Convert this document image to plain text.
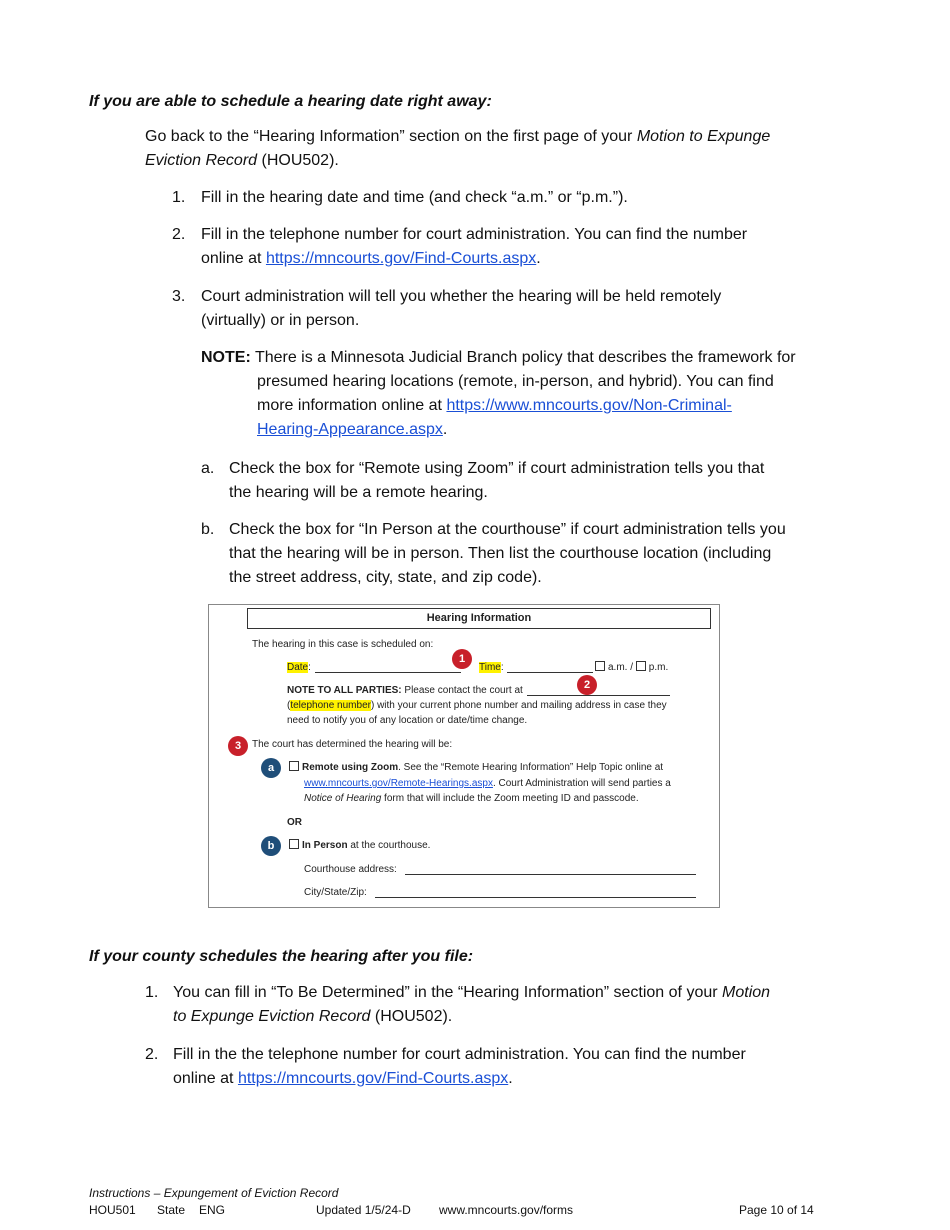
If you are able to schedule a hearing date right away:
Go back to the “Hearing Information” section on the first page of your Motion to Expunge
Eviction Record (HOU502).
1. Fill in the hearing date and time (and check “a.m.” or “p.m.”).
2. Fill in the telephone number for court administration. You can find the number
online at https://mncourts.gov/Find-Courts.aspx.
3. Court administration will tell you whether the hearing will be held remotely
(virtually) or in person.
NOTE: There is a Minnesota Judicial Branch policy that describes the framework for
presumed hearing locations (remote, in-person, and hybrid). You can find
more information online at https://www.mncourts.gov/Non-Criminal-
Hearing-Appearance.aspx.
a. Check the box for “Remote using Zoom” if court administration tells you that
the hearing will be a remote hearing.
b. Check the box for “In Person at the courthouse” if court administration tells you
that the hearing will be in person. Then list the courthouse location (including
the street address, city, state, and zip code).
Hearing Information
The hearing in this case is scheduled on:
Date:
1
Time:	a.m. / p.m.
NOTE TO ALL PARTIES: Please contact the court at	2
(telephone number) with your current phone number and mailing address in case they
need to notify you of any location or date/time change.
3	The court has determined the hearing will be:
a	Remote using Zoom. See the “Remote Hearing Information” Help Topic online at
www.mncourts.gov/Remote-Hearings.aspx. Court Administration will send parties a
Notice of Hearing form that will include the Zoom meeting ID and passcode.
OR
b	In Person at the courthouse.
Courthouse address:
City/State/Zip:
If your county schedules the hearing after you file:
1. You can fill in “To Be Determined” in the “Hearing Information” section of your Motion
to Expunge Eviction Record (HOU502).
2. Fill in the the telephone number for court administration. You can find the number
online at https://mncourts.gov/Find-Courts.aspx.
Instructions – Expungement of Eviction Record
HOU501 State ENG	Updated 1/5/24-D www.mncourts.gov/forms	Page 10 of 14
